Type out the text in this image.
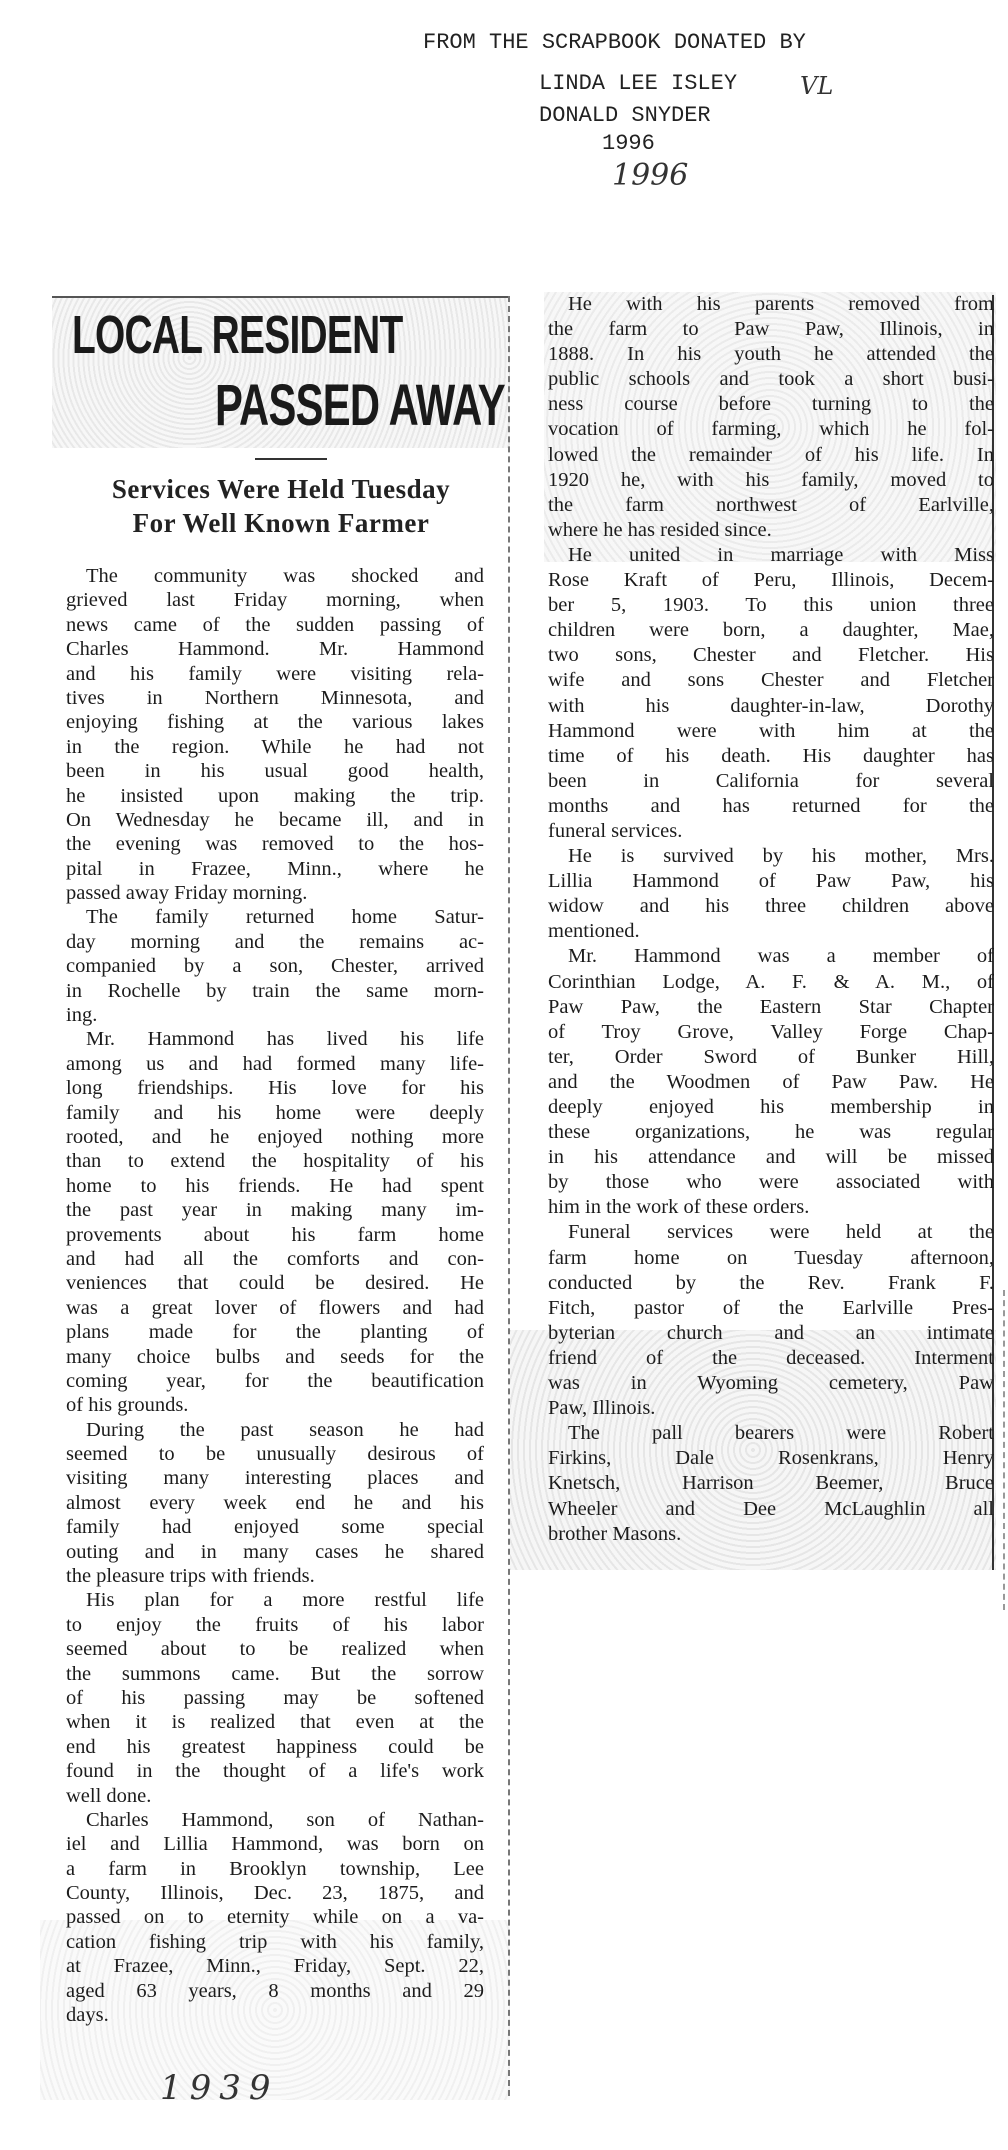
FROM THE SCRAPBOOK DONATED BY
LINDA LEE ISLEY	VL
DONALD SNYDER
1996
1996
LOCAL RESIDENT
PASSED AWAY
Services Were Held Tuesday
For Well Known Farmer
The community was shocked and
grieved last Friday morning, when
news came of the sudden passing of
Charles Hammond. Mr. Hammond
and his family were visiting rela-
tives in Northern Minnesota, and
enjoying fishing at the various lakes
in the region. While he had not
been in his usual good health,
he insisted upon making the trip.
On Wednesday he became ill, and in
the evening was removed to the hos-
pital in Frazee, Minn., where he
passed away Friday morning.
The family returned home Satur-
day morning and the remains ac-
companied by a son, Chester, arrived
in Rochelle by train the same morn-
ing.
Mr. Hammond has lived his life
among us and had formed many life-
long friendships. His love for his
family and his home were deeply
rooted, and he enjoyed nothing more
than to extend the hospitality of his
home to his friends. He had spent
the past year in making many im-
provements about his farm home
and had all the comforts and con-
veniences that could be desired. He
was a great lover of flowers and had
plans made for the planting of
many choice bulbs and seeds for the
coming year, for the beautification
of his grounds.
During the past season he had
seemed to be unusually desirous of
visiting many interesting places and
almost every week end he and his
family had enjoyed some special
outing and in many cases he shared
the pleasure trips with friends.
His plan for a more restful life
to enjoy the fruits of his labor
seemed about to be realized when
the summons came. But the sorrow
of his passing may be softened
when it is realized that even at the
end his greatest happiness could be
found in the thought of a life's work
well done.
Charles Hammond, son of Nathan-
iel and Lillia Hammond, was born on
a farm in Brooklyn township, Lee
County, Illinois, Dec. 23, 1875, and
passed on to eternity while on a va-
cation fishing trip with his family,
at Frazee, Minn., Friday, Sept. 22,
aged 63 years, 8 months and 29
days.
He with his parents removed from
the farm to Paw Paw, Illinois, in
1888. In his youth he attended the
public schools and took a short busi-
ness course before turning to the
vocation of farming, which he fol-
lowed the remainder of his life. In
1920 he, with his family, moved to
the farm northwest of Earlville,
where he has resided since.
He united in marriage with Miss
Rose Kraft of Peru, Illinois, Decem-
ber 5, 1903. To this union three
children were born, a daughter, Mae,
two sons, Chester and Fletcher. His
wife and sons Chester and Fletcher
with his daughter-in-law, Dorothy
Hammond were with him at the
time of his death. His daughter has
been in California for several
months and has returned for the
funeral services.
He is survived by his mother, Mrs.
Lillia Hammond of Paw Paw, his
widow and his three children above
mentioned.
Mr. Hammond was a member of
Corinthian Lodge, A. F. & A. M., of
Paw Paw, the Eastern Star Chapter
of Troy Grove, Valley Forge Chap-
ter, Order Sword of Bunker Hill,
and the Woodmen of Paw Paw. He
deeply enjoyed his membership in
these organizations, he was regular
in his attendance and will be missed
by those who were associated with
him in the work of these orders.
Funeral services were held at the
farm home on Tuesday afternoon,
conducted by the Rev. Frank F.
Fitch, pastor of the Earlville Pres-
byterian church and an intimate
friend of the deceased. Interment
was in Wyoming cemetery, Paw
Paw, Illinois.
The pall bearers were Robert
Firkins, Dale Rosenkrans, Henry
Knetsch, Harrison Beemer, Bruce
Wheeler and Dee McLaughlin all
brother Masons.
1939
